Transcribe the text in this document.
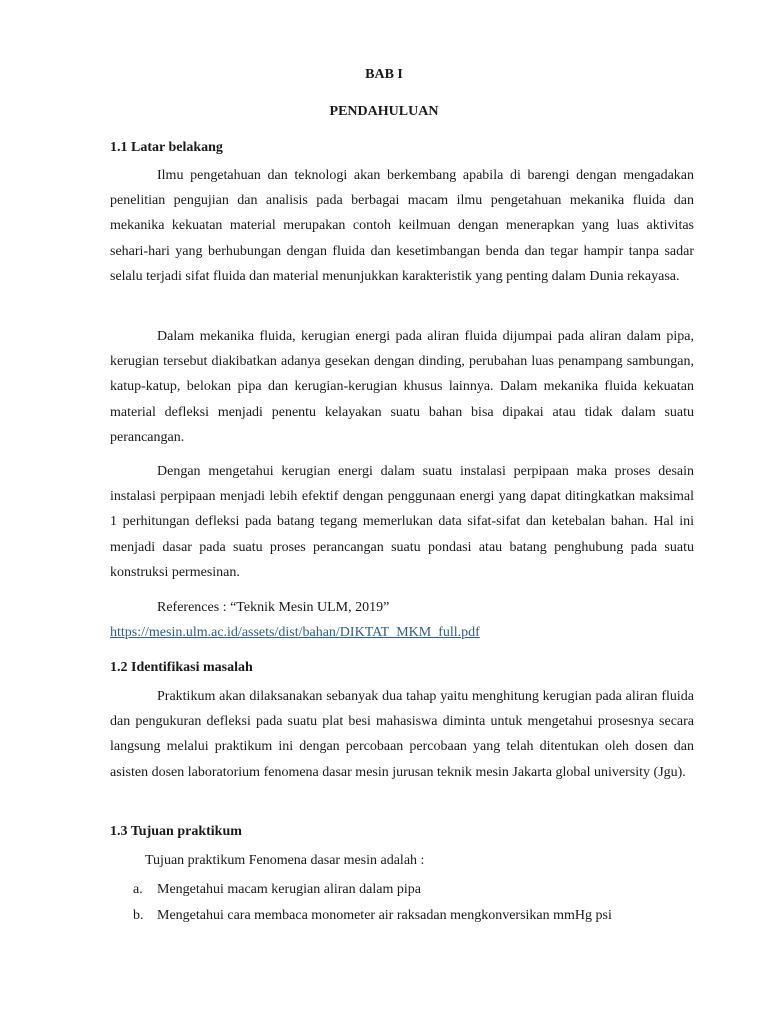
BAB I
PENDAHULUAN
1.1 Latar belakang

Ilmu pengetahuan dan teknologi akan berkembang apabila di barengi dengan mengadakan penelitian pengujian dan analisis pada berbagai macam ilmu pengetahuan mekanika fluida dan mekanika kekuatan material merupakan contoh keilmuan dengan menerapkan yang luas aktivitas sehari-hari yang berhubungan dengan fluida dan kesetimbangan benda dan tegar hampir tanpa sadar selalu terjadi sifat fluida dan material menunjukkan karakteristik yang penting dalam Dunia rekayasa.

Dalam mekanika fluida, kerugian energi pada aliran fluida dijumpai pada aliran dalam pipa, kerugian tersebut diakibatkan adanya gesekan dengan dinding, perubahan luas penampang sambungan, katup-katup, belokan pipa dan kerugian-kerugian khusus lainnya. Dalam mekanika fluida kekuatan material defleksi menjadi penentu kelayakan suatu bahan bisa dipakai atau tidak dalam suatu perancangan.

Dengan mengetahui kerugian energi dalam suatu instalasi perpipaan maka proses desain instalasi perpipaan menjadi lebih efektif dengan penggunaan energi yang dapat ditingkatkan maksimal 1 perhitungan defleksi pada batang tegang memerlukan data sifat-sifat dan ketebalan bahan. Hal ini menjadi dasar pada suatu proses perancangan suatu pondasi atau batang penghubung pada suatu konstruksi permesinan.

References : “Teknik Mesin ULM, 2019”
https://mesin.ulm.ac.id/assets/dist/bahan/DIKTAT_MKM_full.pdf
1.2 Identifikasi masalah

Praktikum akan dilaksanakan sebanyak dua tahap yaitu menghitung kerugian pada aliran fluida dan pengukuran defleksi pada suatu plat besi mahasiswa diminta untuk mengetahui prosesnya secara langsung melalui praktikum ini dengan percobaan percobaan yang telah ditentukan oleh dosen dan asisten dosen laboratorium fenomena dasar mesin jurusan teknik mesin Jakarta global university (Jgu).

1.3 Tujuan praktikum
Tujuan praktikum Fenomena dasar mesin adalah :
a. Mengetahui macam kerugian aliran dalam pipa
b. Mengetahui cara membaca monometer air raksadan mengkonversikan mmHg psi
